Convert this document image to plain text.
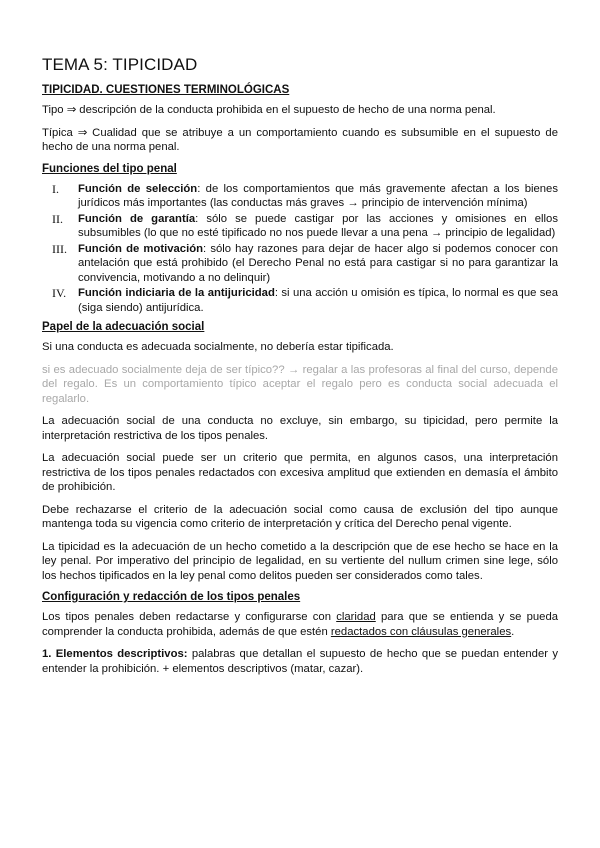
TEMA 5: TIPICIDAD
TIPICIDAD. CUESTIONES TERMINOLÓGICAS

Tipo ⇒ descripción de la conducta prohibida en el supuesto de hecho de una norma penal.

Típica ⇒ Cualidad que se atribuye a un comportamiento cuando es subsumible en el supuesto de hecho de una norma penal.

Funciones del tipo penal
I.	Función de selección: de los comportamientos que más gravemente afectan a los bienes jurídicos más importantes (las conductas más graves → principio de intervención mínima)
II.	Función de garantía: sólo se puede castigar por las acciones y omisiones en ellos subsumibles (lo que no esté tipificado no nos puede llevar a una pena → principio de legalidad)
III. Función de motivación: sólo hay razones para dejar de hacer algo si podemos conocer con antelación que está prohibido (el Derecho Penal no está para castigar si no para garantizar la convivencia, motivando a no delinquir)
IV.	Función indiciaria de la antijuricidad: si una acción u omisión es típica, lo normal es que sea (siga siendo) antijurídica.
Papel de la adecuación social

Si una conducta es adecuada socialmente, no debería estar tipificada.

si es adecuado socialmente deja de ser típico?? → regalar a las profesoras al final del curso, depende del regalo. Es un comportamiento típico aceptar el regalo pero es conducta social adecuada el regalarlo.

La adecuación social de una conducta no excluye, sin embargo, su tipicidad, pero permite la interpretación restrictiva de los tipos penales.

La adecuación social puede ser un criterio que permita, en algunos casos, una interpretación restrictiva de los tipos penales redactados con excesiva amplitud que extienden en demasía el ámbito de prohibición.

Debe rechazarse el criterio de la adecuación social como causa de exclusión del tipo aunque mantenga toda su vigencia como criterio de interpretación y crítica del Derecho penal vigente.

La tipicidad es la adecuación de un hecho cometido a la descripción que de ese hecho se hace en la ley penal. Por imperativo del principio de legalidad, en su vertiente del nullum crimen sine lege, sólo los hechos tipificados en la ley penal como delitos pueden ser considerados como tales.

Configuración y redacción de los tipos penales

Los tipos penales deben redactarse y configurarse con claridad para que se entienda y se pueda comprender la conducta prohibida, además de que estén redactados con cláusulas generales.

1. Elementos descriptivos: palabras que detallan el supuesto de hecho que se puedan entender y entender la prohibición. + elementos descriptivos (matar, cazar).
